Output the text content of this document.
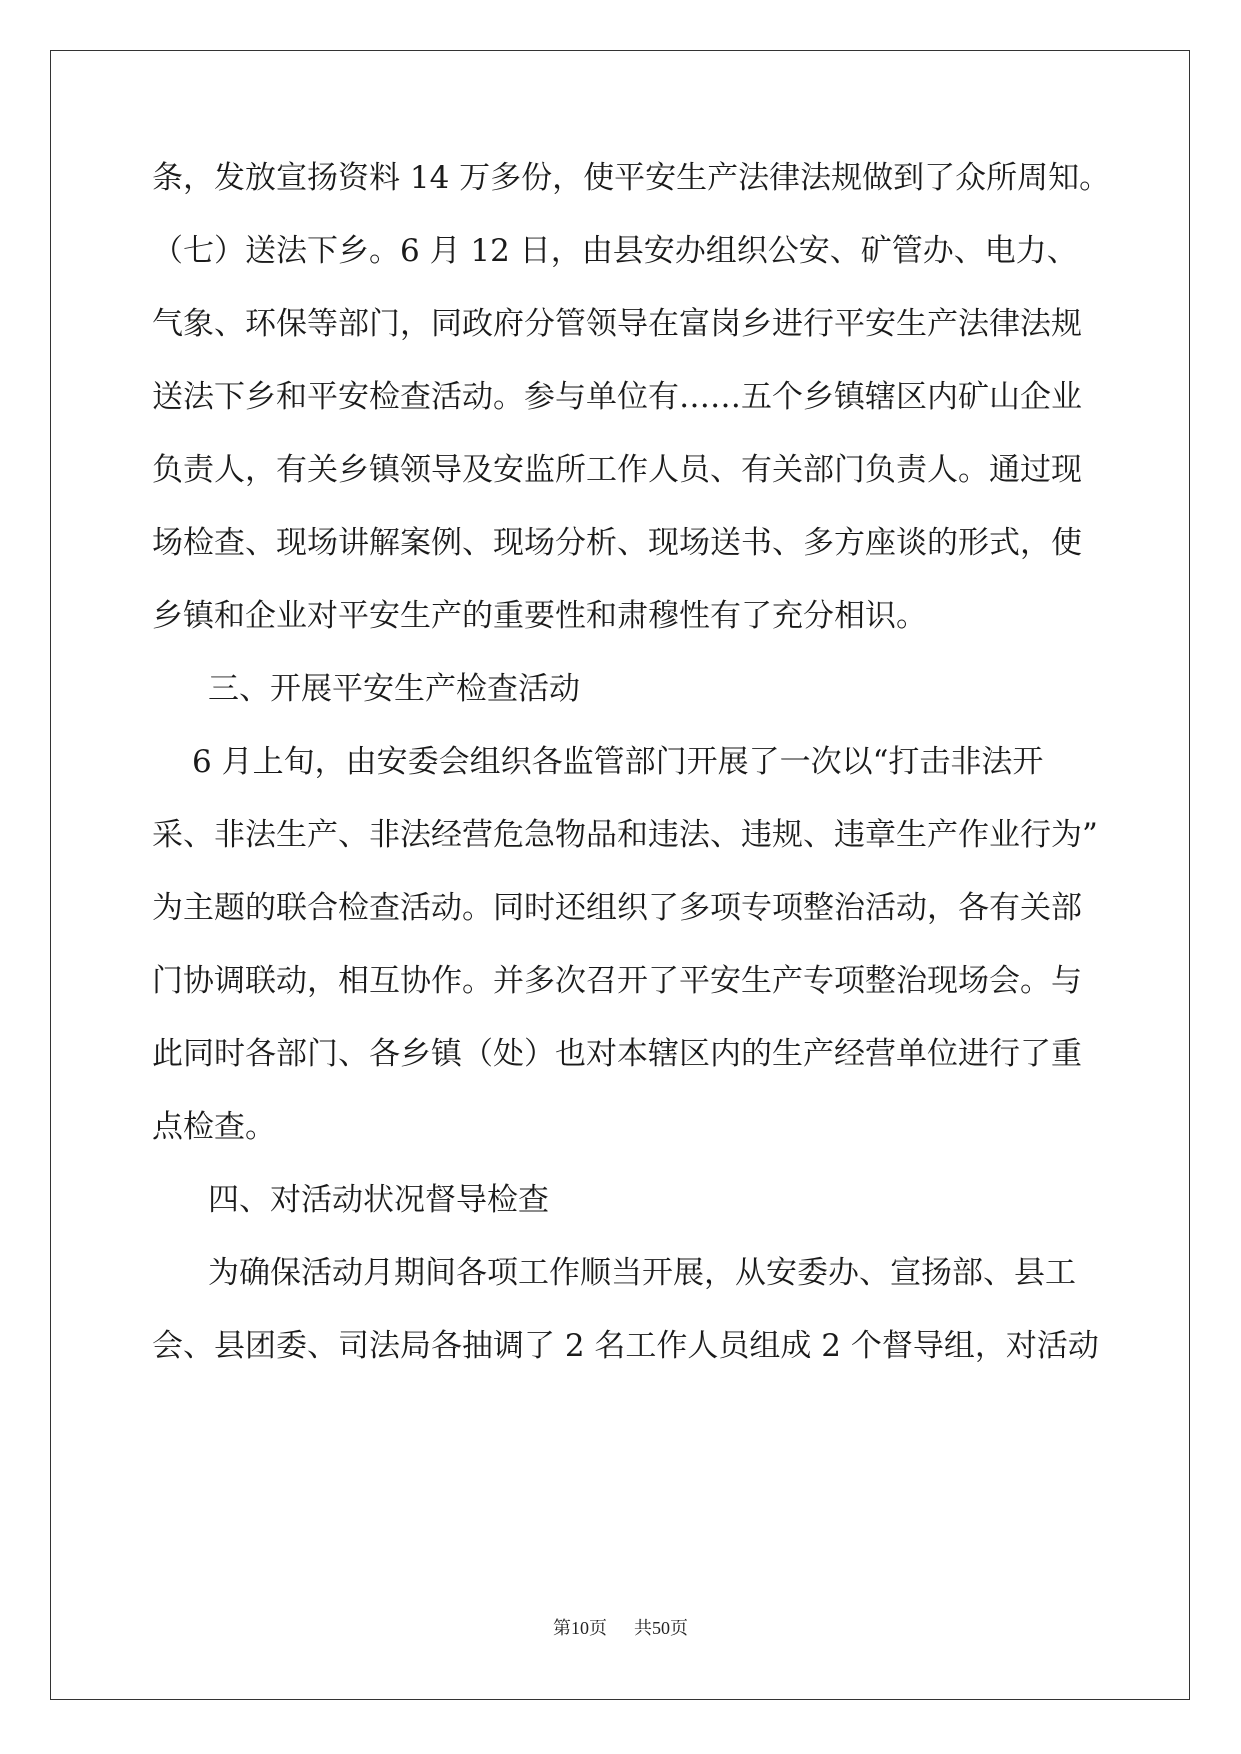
条，发放宣扬资料 14 万多份，使平安生产法律法规做到了众所周知。
（七）送法下乡。6 月 12 日，由县安办组织公安、矿管办、电力、
气象、环保等部门，同政府分管领导在富岗乡进行平安生产法律法规
送法下乡和平安检查活动。参与单位有……五个乡镇辖区内矿山企业
负责人，有关乡镇领导及安监所工作人员、有关部门负责人。通过现
场检查、现场讲解案例、现场分析、现场送书、多方座谈的形式，使
乡镇和企业对平安生产的重要性和肃穆性有了充分相识。
三、开展平安生产检查活动
6 月上旬，由安委会组织各监管部门开展了一次以“打击非法开
采、非法生产、非法经营危急物品和违法、违规、违章生产作业行为”
为主题的联合检查活动。同时还组织了多项专项整治活动，各有关部
门协调联动，相互协作。并多次召开了平安生产专项整治现场会。与
此同时各部门、各乡镇（处）也对本辖区内的生产经营单位进行了重
点检查。
四、对活动状况督导检查
为确保活动月期间各项工作顺当开展，从安委办、宣扬部、县工
会、县团委、司法局各抽调了 2 名工作人员组成 2 个督导组，对活动
第10页 共50页
